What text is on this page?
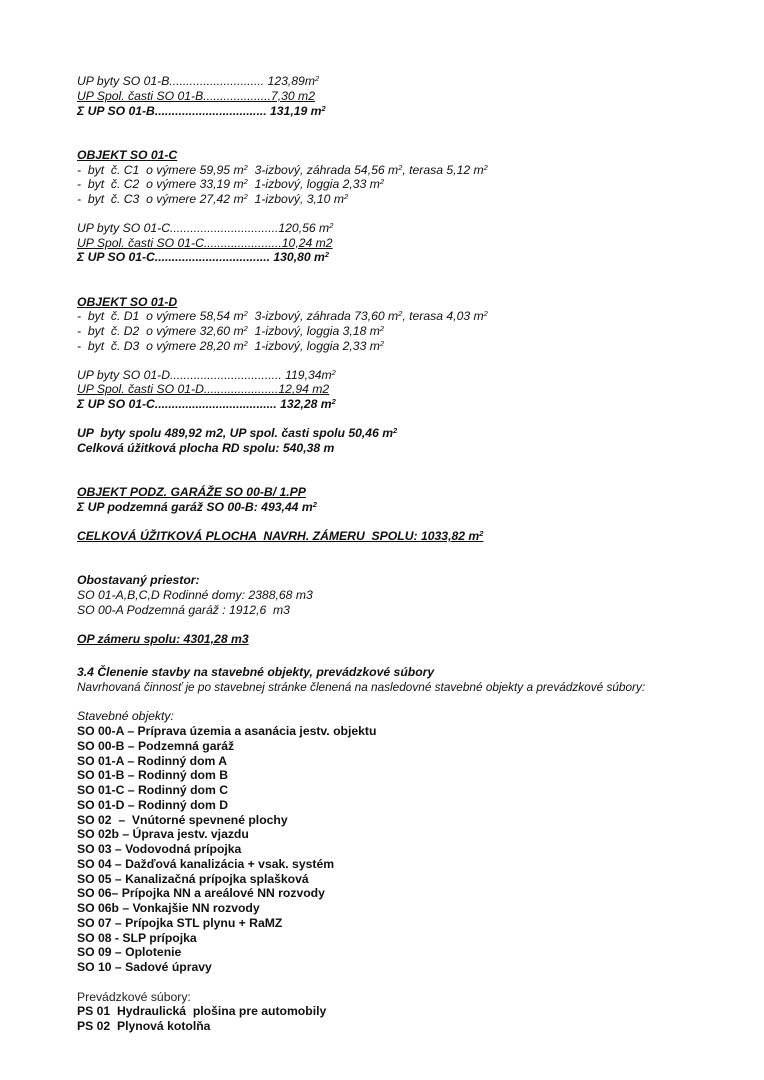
UP byty SO 01-B............................ $123,89m^2$
UP Spol. časti SO 01-B....................7,30 m2
Σ UP SO 01-B................................. 131,19 $m^2$
OBJEKT SO 01-C
-  byt  č. C1  o výmere 59,95 $m^2$  3-izbový, záhrada 54,56 $m^2$, terasa 5,12 $m^2$
-  byt  č. C2  o výmere 33,19 $m^2$  1-izbový, loggia 2,33 $m^2$
-  byt  č. C3  o výmere 27,42 $m^2$  1-izbový, 3,10 $m^2$
UP byty SO 01-C................................120,56 $m^2$
UP Spol. časti SO 01-C.......................10,24 m2
Σ UP SO 01-C.................................. 130,80 $m^2$
OBJEKT SO 01-D
-  byt  č. D1  o výmere 58,54 $m^2$  3-izbový, záhrada 73,60 $m^2$, terasa 4,03 $m^2$
-  byt  č. D2  o výmere 32,60 $m^2$  1-izbový, loggia 3,18 $m^2$
-  byt  č. D3  o výmere 28,20 $m^2$  1-izbový, loggia 2,33 $m^2$
UP byty SO 01-D................................. $119,34m^2$
UP Spol. časti SO 01-D......................12,94 m2
Σ UP SO 01-C.................................... 132,28 $m^2$
UP  byty spolu 489,92 m2, UP spol. časti spolu 50,46 $m^2$
Celková úžitková plocha RD spolu: 540,38 m
OBJEKT PODZ. GARÁŽE SO 00-B/ 1.PP
Σ UP podzemná garáž SO 00-B: 493,44 $m^2$
CELKOVÁ ÚŽITKOVÁ PLOCHA  NAVRH. ZÁMERU  SPOLU: 1033,82 $m^2$
Obostavaný priestor:
SO 01-A,B,C,D Rodinné domy: 2388,68 m3
SO 00-A Podzemná garáž : 1912,6  m3
OP zámeru spolu: 4301,28 m3
3.4 Členenie stavby na stavebné objekty, prevádzkové súbory
Navrhovaná činnosť je po stavebnej stránke členená na nasledovné stavebné objekty a prevádzkové súbory:
Stavebné objekty:
SO 00-A – Príprava územia a asanácia jestv. objektu
SO 00-B – Podzemná garáž
SO 01-A – Rodinný dom A
SO 01-B – Rodinný dom B
SO 01-C – Rodinný dom C
SO 01-D – Rodinný dom D
SO 02  –  Vnútorné spevnené plochy
SO 02b – Úprava jestv. vjazdu
SO 03 – Vodovodná prípojka
SO 04 – Dažďová kanalizácia + vsak. systém
SO 05 – Kanalizačná prípojka splašková
SO 06– Prípojka NN a areálové NN rozvody
SO 06b – Vonkajšie NN rozvody
SO 07 – Prípojka STL plynu + RaMZ
SO 08 - SLP prípojka
SO 09 – Oplotenie
SO 10 – Sadové úpravy
Prevádzkové súbory:
PS 01  Hydraulická  plošina pre automobily
PS 02  Plynová kotolňa
